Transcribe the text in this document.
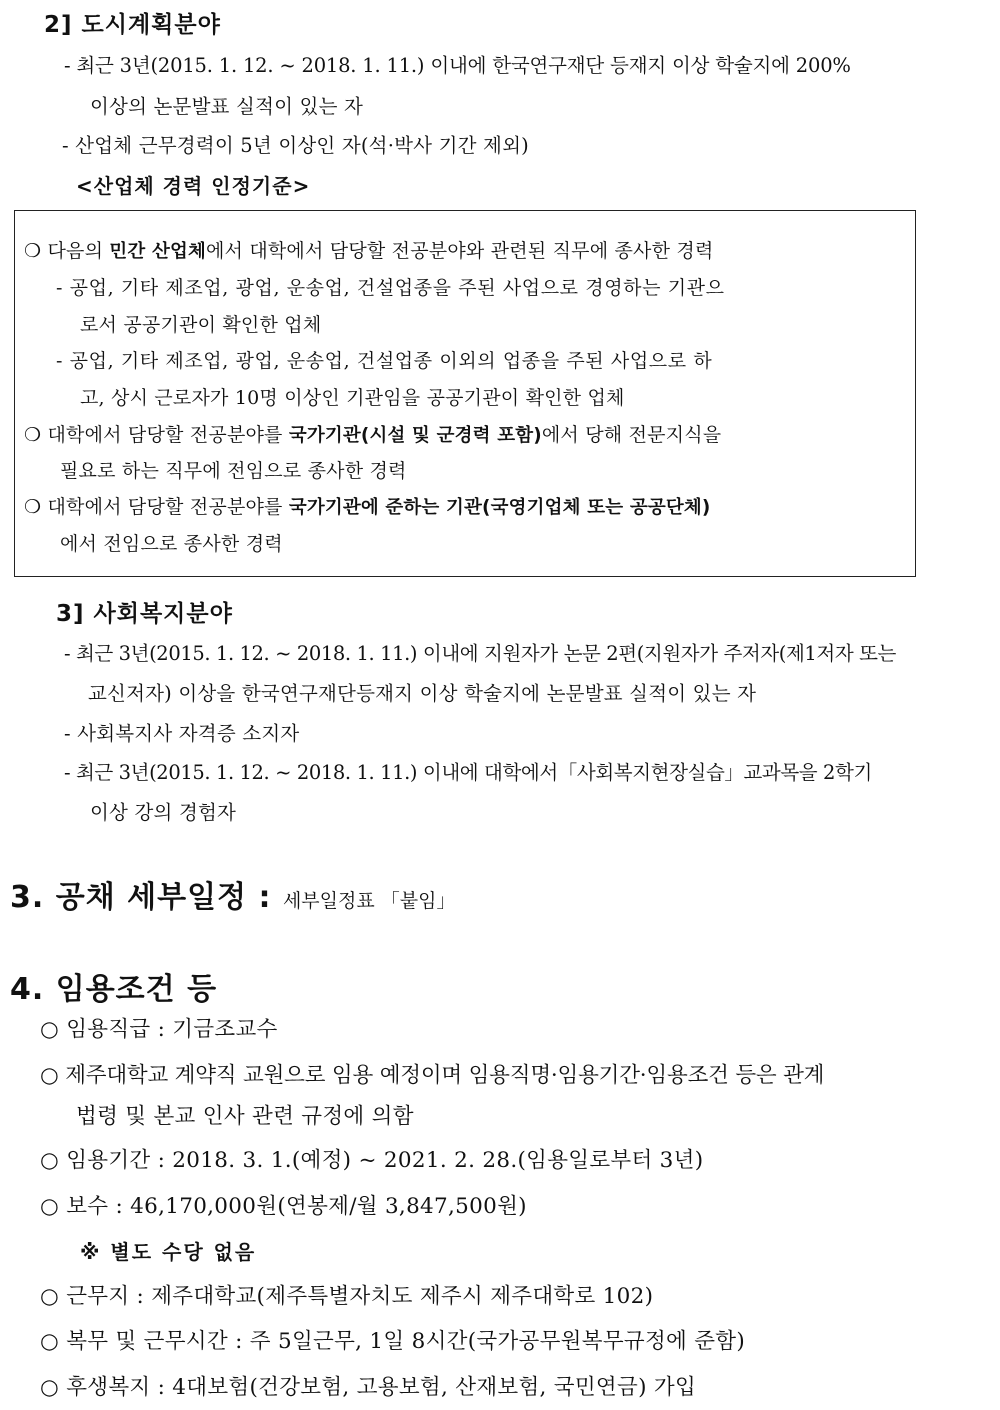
2] 도시계획분야
- 최근 3년(2015. 1. 12. ~ 2018. 1. 11.) 이내에 한국연구재단 등재지 이상 학술지에 200%
이상의 논문발표 실적이 있는 자
- 산업체 근무경력이 5년 이상인 자(석·박사 기간 제외)
<산업체 경력 인정기준>
❍ 다음의 민간 산업체에서 대학에서 담당할 전공분야와 관련된 직무에 종사한 경력
- 공업, 기타 제조업, 광업, 운송업, 건설업종을 주된 사업으로 경영하는 기관으
로서 공공기관이 확인한 업체
- 공업, 기타 제조업, 광업, 운송업, 건설업종 이외의 업종을 주된 사업으로 하
고, 상시 근로자가 10명 이상인 기관임을 공공기관이 확인한 업체
❍ 대학에서 담당할 전공분야를 국가기관(시설 및 군경력 포함)에서 당해 전문지식을
필요로 하는 직무에 전임으로 종사한 경력
❍ 대학에서 담당할 전공분야를 국가기관에 준하는 기관(국영기업체 또는 공공단체)
에서 전임으로 종사한 경력
3] 사회복지분야
- 최근 3년(2015. 1. 12. ~ 2018. 1. 11.) 이내에 지원자가 논문 2편(지원자가 주저자(제1저자 또는
교신저자) 이상을 한국연구재단등재지 이상 학술지에 논문발표 실적이 있는 자
- 사회복지사 자격증 소지자
- 최근 3년(2015. 1. 12. ~ 2018. 1. 11.) 이내에 대학에서「사회복지현장실습」교과목을 2학기
이상 강의 경험자
3. 공채 세부일정 : 세부일정표 「붙임」
4. 임용조건 등
○ 임용직급 : 기금조교수
○ 제주대학교 계약직 교원으로 임용 예정이며 임용직명·임용기간·임용조건 등은 관계
법령 및 본교 인사 관련 규정에 의함
○ 임용기간 : 2018. 3. 1.(예정) ~ 2021. 2. 28.(임용일로부터 3년)
○ 보수 : 46,170,000원(연봉제/월 3,847,500원)
※ 별도 수당 없음
○ 근무지 : 제주대학교(제주특별자치도 제주시 제주대학로 102)
○ 복무 및 근무시간 : 주 5일근무, 1일 8시간(국가공무원복무규정에 준함)
○ 후생복지 : 4대보험(건강보험, 고용보험, 산재보험, 국민연금) 가입
